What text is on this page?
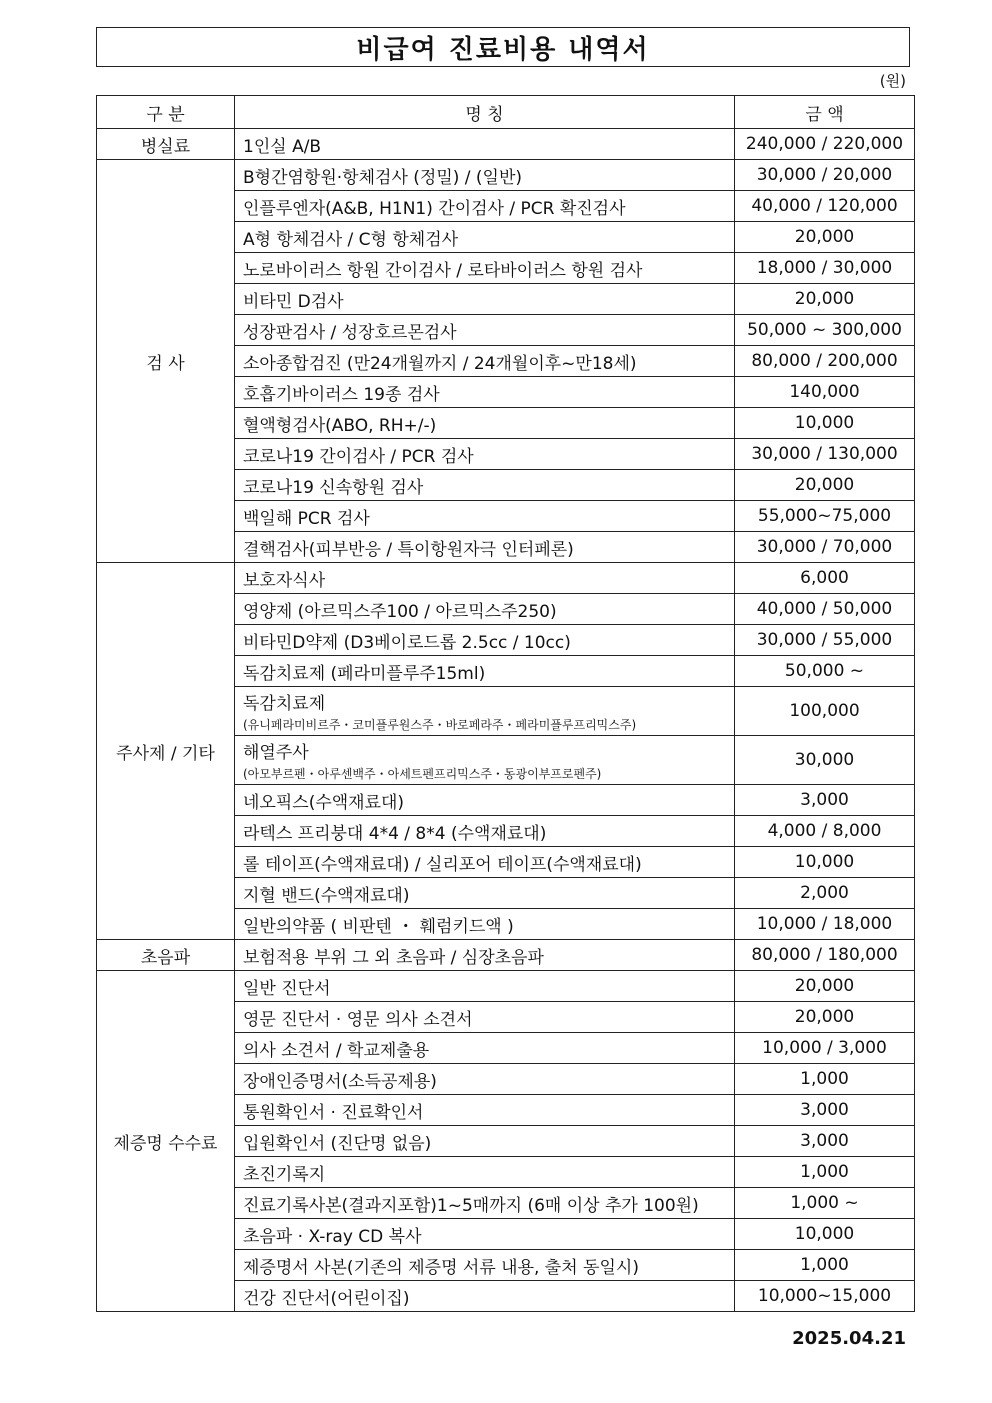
비급여 진료비용 내역서
(원)
구 분	명 칭	금 액
병실료	1인실 A/B	240,000 / 220,000
검 사	B형간염항원·항체검사 (정밀) / (일반)	30,000 / 20,000
	인플루엔자(A&B, H1N1) 간이검사 / PCR 확진검사	40,000 / 120,000
	A형 항체검사 / C형 항체검사	20,000
	노로바이러스 항원 간이검사 / 로타바이러스 항원 검사	18,000 / 30,000
	비타민 D검사	20,000
	성장판검사 / 성장호르몬검사	50,000 ~ 300,000
	소아종합검진 (만24개월까지 / 24개월이후~만18세)	80,000 / 200,000
	호흡기바이러스 19종 검사	140,000
	혈액형검사(ABO, RH+/-)	10,000
	코로나19 간이검사 / PCR 검사	30,000 / 130,000
	코로나19 신속항원 검사	20,000
	백일해 PCR 검사	55,000~75,000
	결핵검사(피부반응 / 특이항원자극 인터페론)	30,000 / 70,000
주사제 / 기타	보호자식사	6,000
	영양제 (아르믹스주100 / 아르믹스주250)	40,000 / 50,000
	비타민D약제 (D3베이로드롭 2.5cc / 10cc)	30,000 / 55,000
	독감치료제 (페라미플루주15ml)	50,000 ~
	독감치료제
(유니페라미비르주・코미플루원스주・바로페라주・페라미플루프리믹스주)	100,000
	해열주사
(아모부르펜・아루센백주・아세트펜프리믹스주・동광이부프로펜주)	30,000
	네오픽스(수액재료대)	3,000
	라텍스 프리붕대 4*4 / 8*4 (수액재료대)	4,000 / 8,000
	롤 테이프(수액재료대) / 실리포어 테이프(수액재료대)	10,000
	지혈 밴드(수액재료대)	2,000
	일반의약품 ( 비판텐 ・ 훼럼키드액 )	10,000 / 18,000
초음파	보험적용 부위 그 외 초음파 / 심장초음파	80,000 / 180,000
제증명 수수료	일반 진단서	20,000
	영문 진단서 · 영문 의사 소견서	20,000
	의사 소견서 / 학교제출용	10,000 / 3,000
	장애인증명서(소득공제용)	1,000
	통원확인서 · 진료확인서	3,000
	입원확인서 (진단명 없음)	3,000
	초진기록지	1,000
	진료기록사본(결과지포함)1~5매까지 (6매 이상 추가 100원)	1,000 ~
	초음파 · X-ray CD 복사	10,000
	제증명서 사본(기존의 제증명 서류 내용, 출처 동일시)	1,000
	건강 진단서(어린이집)	10,000~15,000
2025.04.21
